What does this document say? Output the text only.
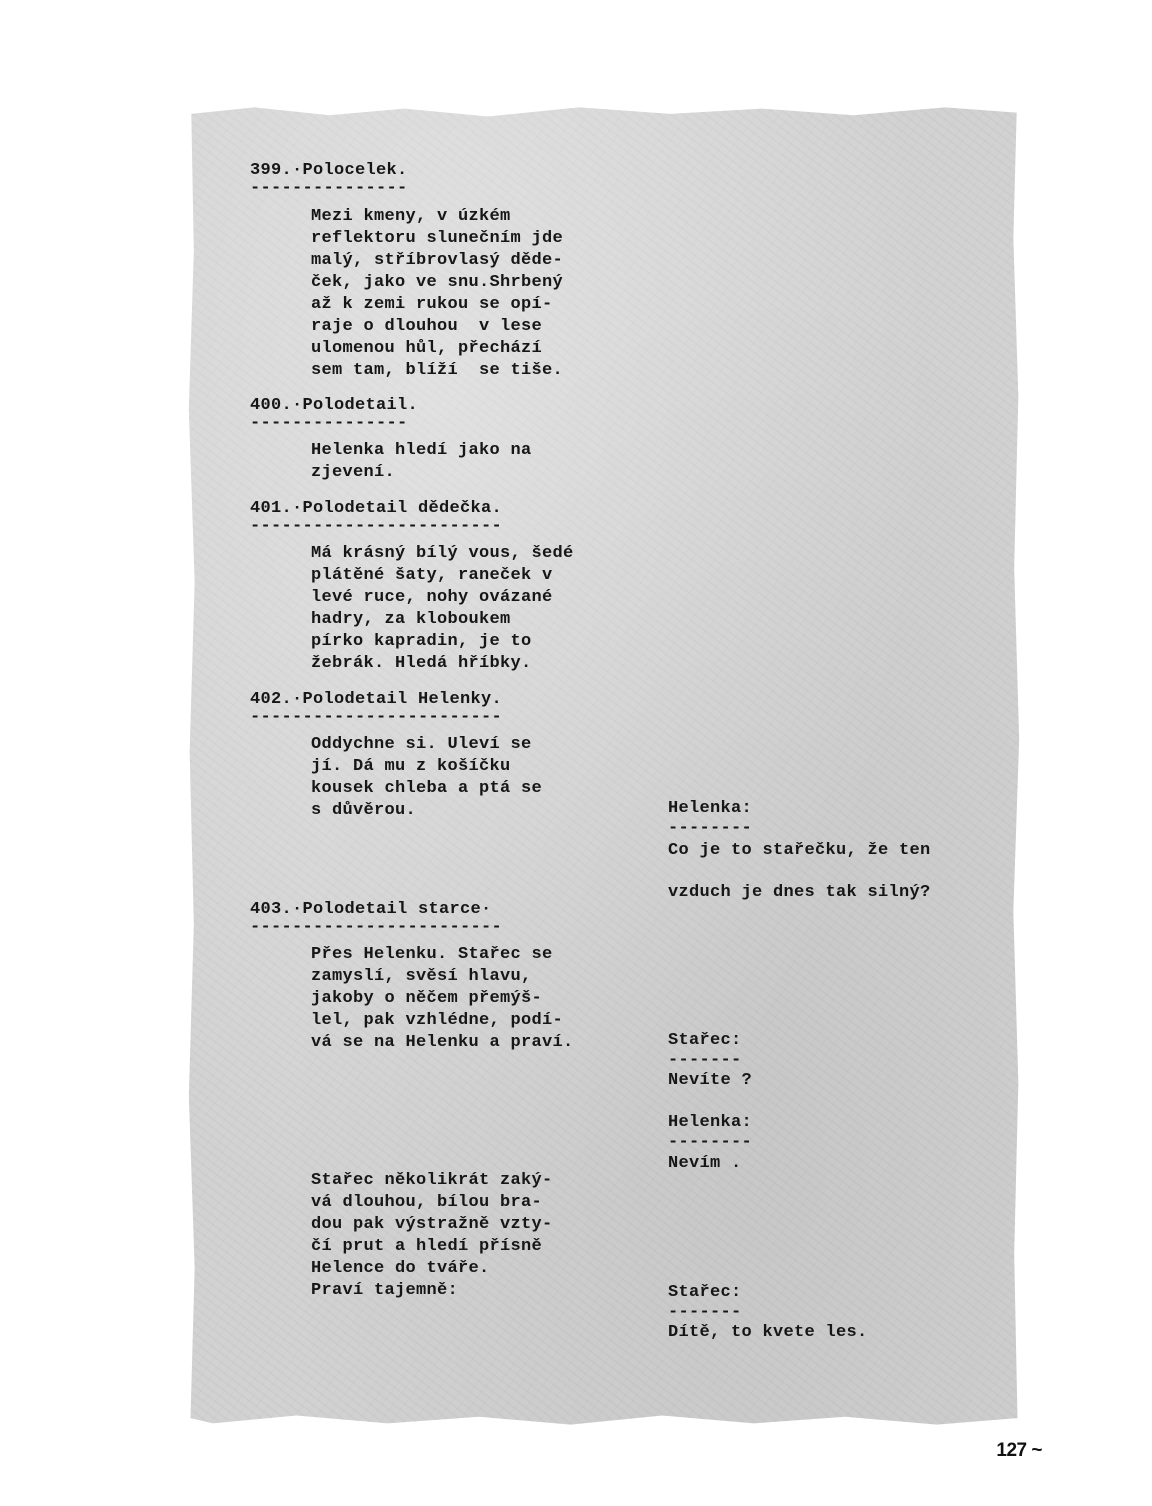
399.·Polocelek.
---------------
Mezi kmeny, v úzkém
reflektoru slunečním jde
malý, stříbrovlasý děde-
ček, jako ve snu.Shrbený
až k zemi rukou se opí-
raje o dlouhou  v lese
ulomenou hůl, přechází
sem tam, blíží  se tiše.
400.·Polodetail.
---------------
Helenka hledí jako na
zjevení.
401.·Polodetail dědečka.
------------------------
Má krásný bílý vous, šedé
plátěné šaty, raneček v
levé ruce, nohy ovázané
hadry, za kloboukem
pírko kapradin, je to
žebrák. Hledá hříbky.
402.·Polodetail Helenky.
------------------------
Oddychne si. Uleví se
jí. Dá mu z košíčku
kousek chleba a ptá se
s důvěrou.
403.·Polodetail starce·
------------------------
Přes Helenku. Stařec se
zamyslí, svěsí hlavu,
jakoby o něčem přemýš-
lel, pak vzhlédne, podí-
vá se na Helenku a praví.
Stařec několikrát zaký-
vá dlouhou, bílou bra-
dou pak výstražně vzty-
čí prut a hledí přísně
Helence do tváře.
Praví tajemně:
Helenka:
--------
Co je to stařečku, že ten
vzduch je dnes tak silný?
Stařec:
-------
Nevíte ?
Helenka:
--------
Nevím .
Stařec:
-------
Dítě, to kvete les.
127 ~
